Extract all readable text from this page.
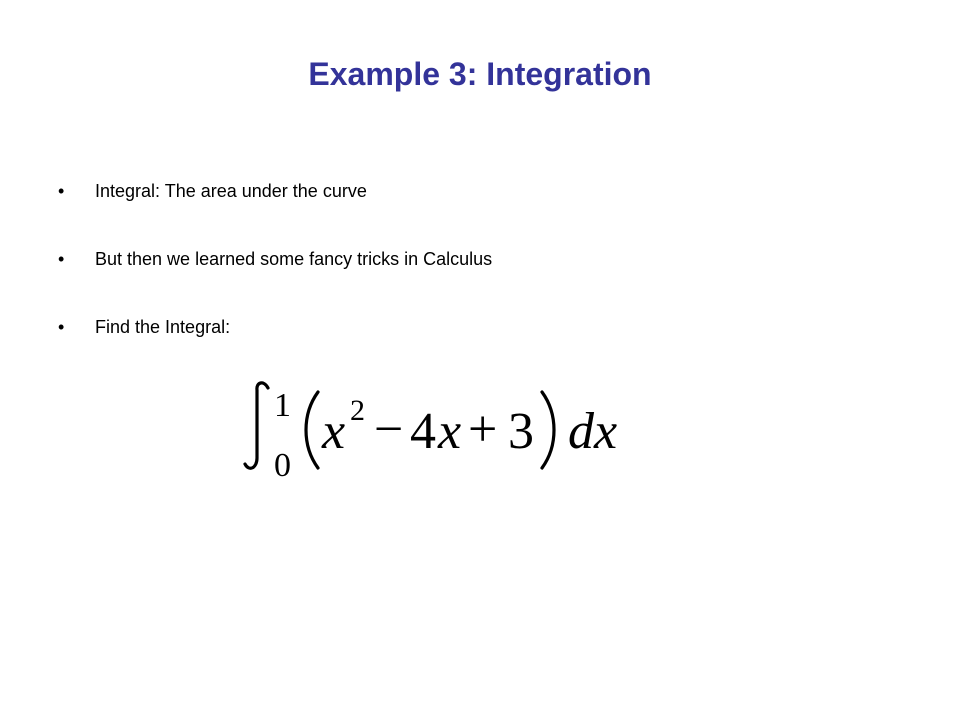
Example 3: Integration
• Integral: The area under the curve
• But then we learned some fancy tricks in Calculus
• Find the Integral:
1
0
x 2 − 4 x + 3 dx
